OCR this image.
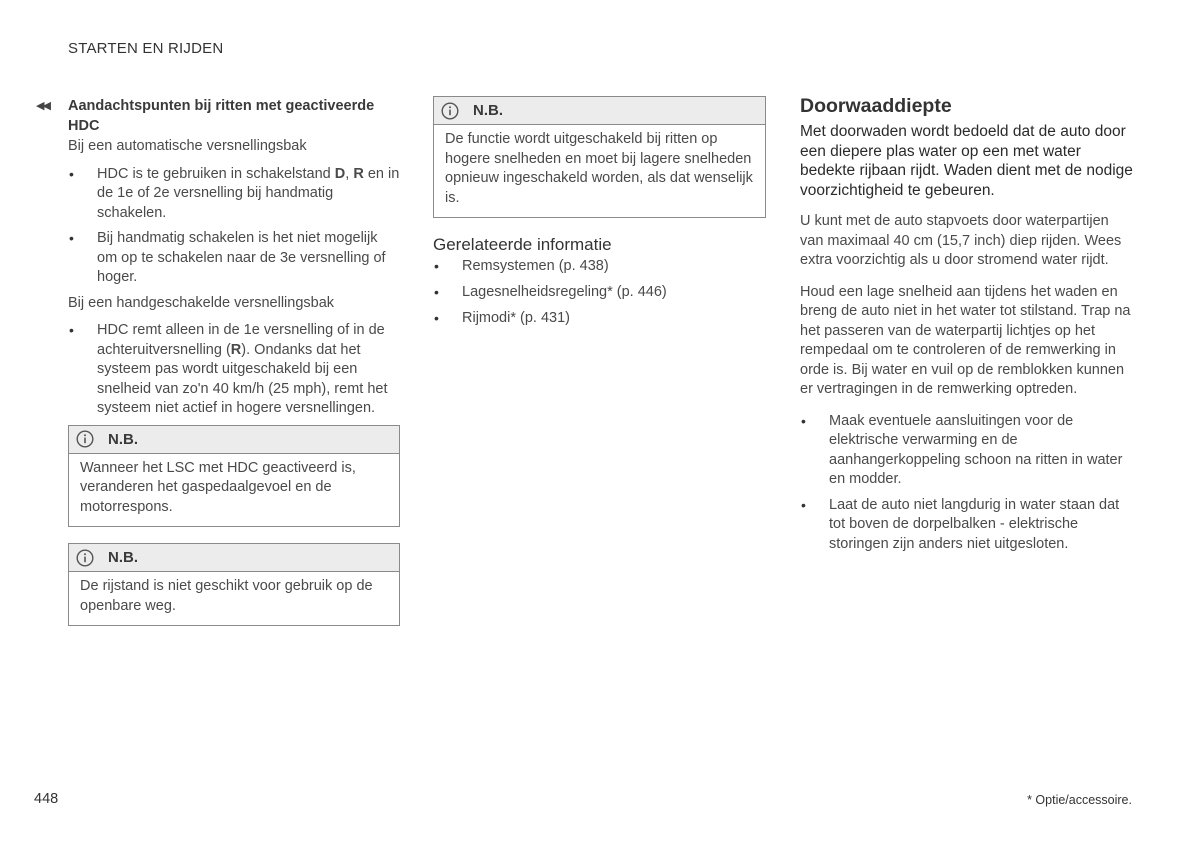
STARTEN EN RIJDEN
◀◀ Aandachtspunten bij ritten met geactiveerde HDC
Bij een automatische versnellingsbak
• HDC is te gebruiken in schakelstand D, R en in de 1e of 2e versnelling bij handmatig schakelen.
• Bij handmatig schakelen is het niet mogelijk om op te schakelen naar de 3e versnelling of hoger.
Bij een handgeschakelde versnellingsbak
• HDC remt alleen in de 1e versnelling of in de achteruitversnelling (R). Ondanks dat het systeem pas wordt uitgeschakeld bij een snelheid van zo'n 40 km/h (25 mph), remt het systeem niet actief in hogere versnellingen.
N.B.
Wanneer het LSC met HDC geactiveerd is, veranderen het gaspedaalgevoel en de motorrespons.
N.B.
De rijstand is niet geschikt voor gebruik op de openbare weg.
N.B.
De functie wordt uitgeschakeld bij ritten op hogere snelheden en moet bij lagere snelheden opnieuw ingeschakeld worden, als dat wenselijk is.
Gerelateerde informatie
• Remsystemen (p. 438)
• Lagesnelheidsregeling* (p. 446)
• Rijmodi* (p. 431)
Doorwaaddiepte
Met doorwaden wordt bedoeld dat de auto door een diepere plas water op een met water bedekte rijbaan rijdt. Waden dient met de nodige voorzichtigheid te gebeuren.
U kunt met de auto stapvoets door waterpartijen van maximaal 40 cm (15,7 inch) diep rijden. Wees extra voorzichtig als u door stromend water rijdt.
Houd een lage snelheid aan tijdens het waden en breng de auto niet in het water tot stilstand. Trap na het passeren van de waterpartij lichtjes op het rempedaal om te controleren of de remwerking in orde is. Bij water en vuil op de remblokken kunnen er vertragingen in de remwerking optreden.
• Maak eventuele aansluitingen voor de elektrische verwarming en de aanhangerkoppeling schoon na ritten in water en modder.
• Laat de auto niet langdurig in water staan dat tot boven de dorpelbalken - elektrische storingen zijn anders niet uitgesloten.
448	* Optie/accessoire.
